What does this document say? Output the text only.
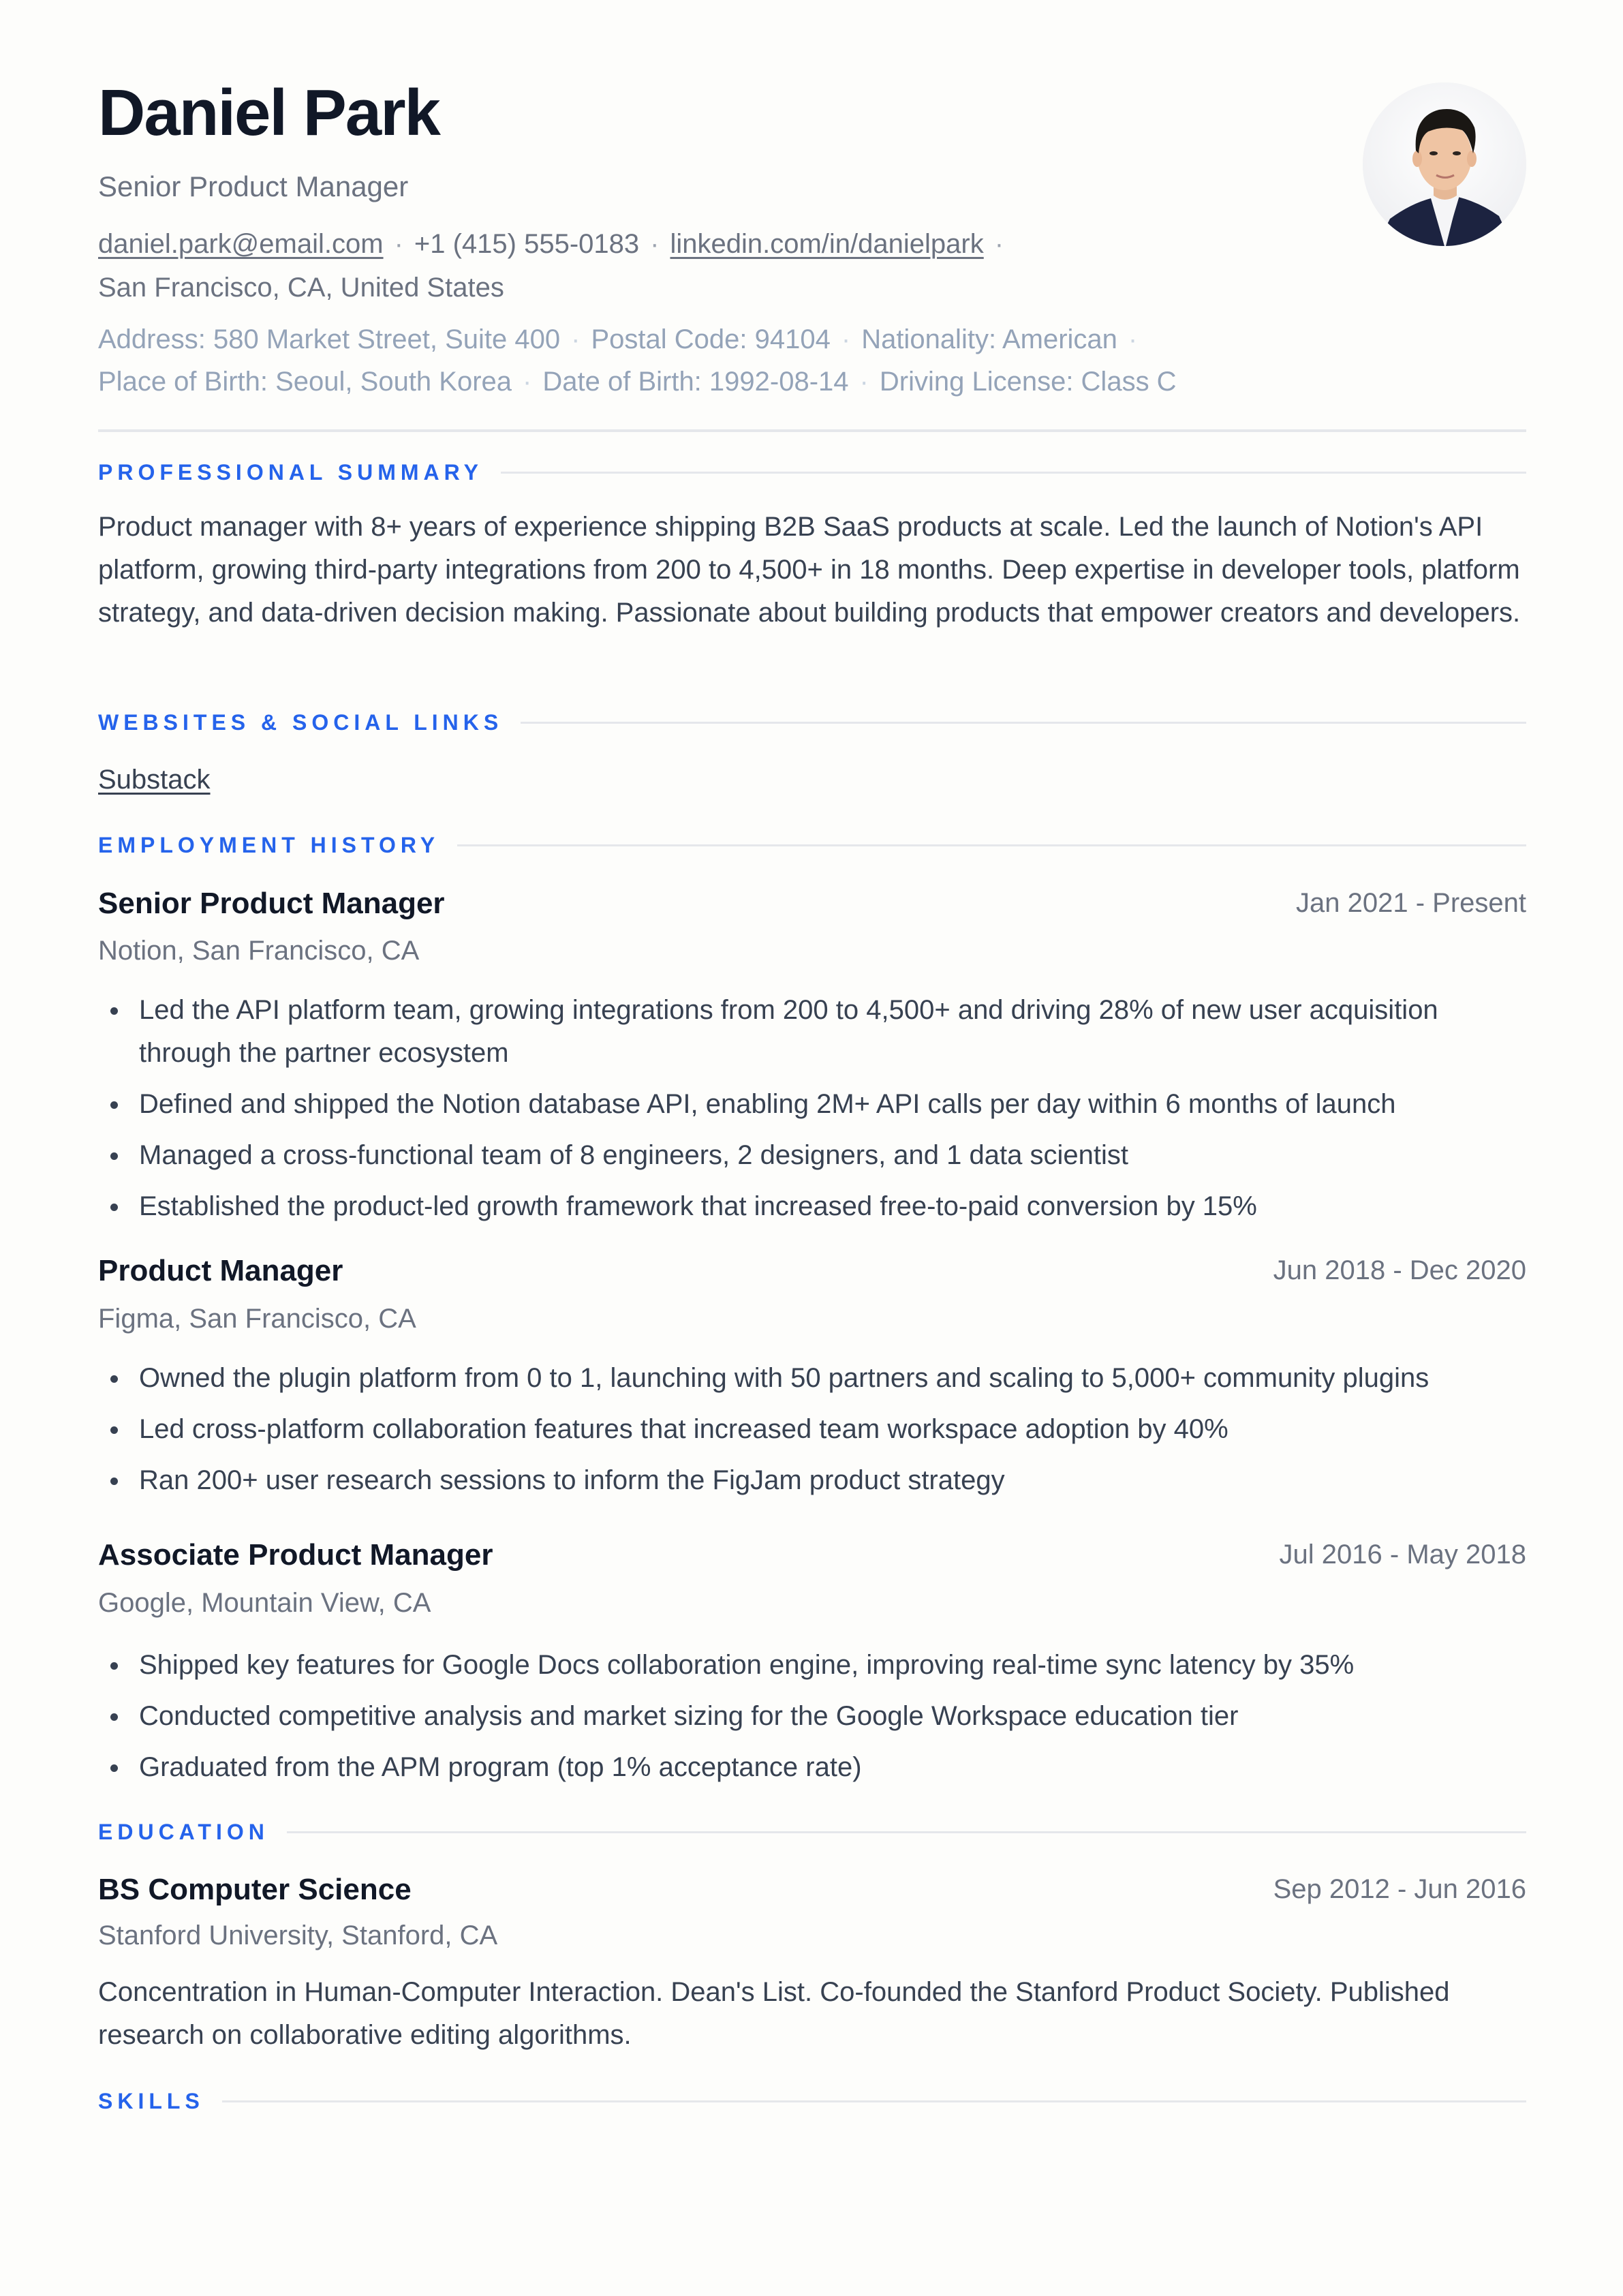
Daniel Park
Senior Product Manager
daniel.park@email.com · +1 (415) 555-0183 · linkedin.com/in/danielpark ·
San Francisco, CA, United States
Address: 580 Market Street, Suite 400 · Postal Code: 94104 · Nationality: American ·
Place of Birth: Seoul, South Korea · Date of Birth: 1992-08-14 · Driving License: Class C
PROFESSIONAL SUMMARY
Product manager with 8+ years of experience shipping B2B SaaS products at scale. Led the launch of Notion's API platform, growing third-party integrations from 200 to 4,500+ in 18 months. Deep expertise in developer tools, platform strategy, and data-driven decision making. Passionate about building products that empower creators and developers.
WEBSITES & SOCIAL LINKS
Substack
EMPLOYMENT HISTORY
Senior Product Manager	Jan 2021 - Present
Notion, San Francisco, CA
Led the API platform team, growing integrations from 200 to 4,500+ and driving 28% of new user acquisition through the partner ecosystem
Defined and shipped the Notion database API, enabling 2M+ API calls per day within 6 months of launch
Managed a cross-functional team of 8 engineers, 2 designers, and 1 data scientist
Established the product-led growth framework that increased free-to-paid conversion by 15%
Product Manager	Jun 2018 - Dec 2020
Figma, San Francisco, CA
Owned the plugin platform from 0 to 1, launching with 50 partners and scaling to 5,000+ community plugins
Led cross-platform collaboration features that increased team workspace adoption by 40%
Ran 200+ user research sessions to inform the FigJam product strategy
Associate Product Manager	Jul 2016 - May 2018
Google, Mountain View, CA
Shipped key features for Google Docs collaboration engine, improving real-time sync latency by 35%
Conducted competitive analysis and market sizing for the Google Workspace education tier
Graduated from the APM program (top 1% acceptance rate)
EDUCATION
BS Computer Science	Sep 2012 - Jun 2016
Stanford University, Stanford, CA
Concentration in Human-Computer Interaction. Dean's List. Co-founded the Stanford Product Society. Published research on collaborative editing algorithms.
SKILLS
